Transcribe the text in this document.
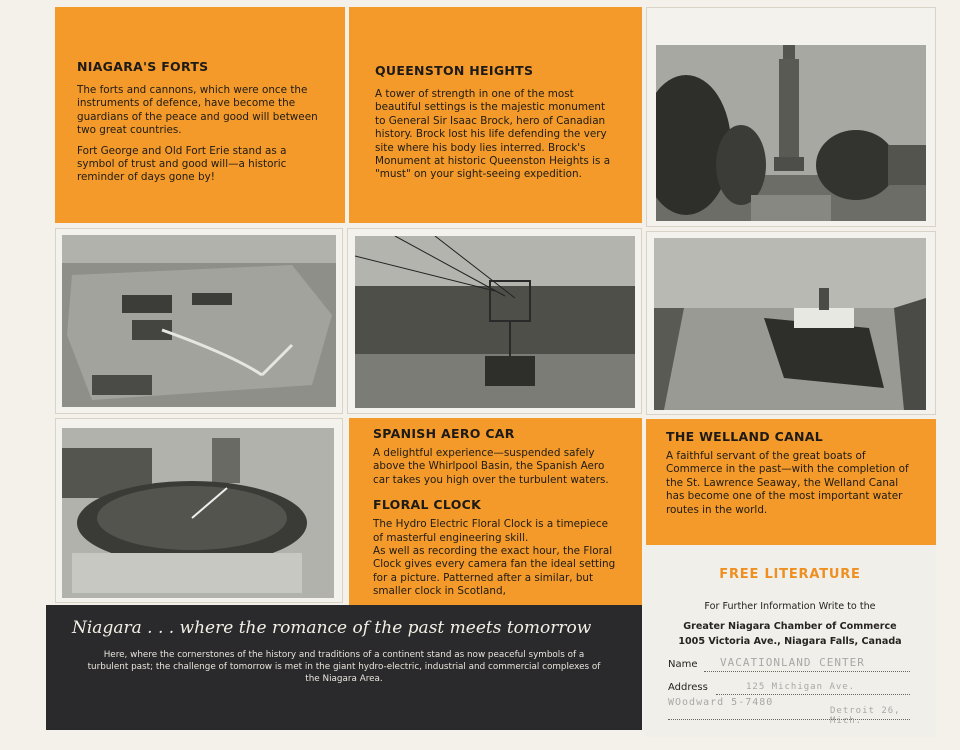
NIAGARA'S FORTS

The forts and cannons, which were once the instruments of defence, have become the guardians of the peace and good will between two great countries.

Fort George and Old Fort Erie stand as a symbol of trust and good will—a historic reminder of days gone by!

QUEENSTON HEIGHTS

A tower of strength in one of the most beautiful settings is the majestic monument to General Sir Isaac Brock, hero of Canadian history. Brock lost his life defending the very site where his body lies interred. Brock's Monument at historic Queenston Heights is a "must" on your sight-seeing expedition.

SPANISH AERO CAR

A delightful experience—suspended safely above the Whirlpool Basin, the Spanish Aero car takes you high over the turbulent waters.

FLORAL CLOCK

The Hydro Electric Floral Clock is a timepiece of masterful engineering skill.

As well as recording the exact hour, the Floral Clock gives every camera fan the ideal setting for a picture. Patterned after a similar, but smaller clock in Scotland,

THE WELLAND CANAL

A faithful servant of the great boats of Commerce in the past—with the completion of the St. Lawrence Seaway, the Welland Canal has become one of the most important water routes in the world.

Niagara . . . where the romance of the past meets tomorrow
Here, where the cornerstones of the history and traditions of a continent stand as now peaceful symbols of a turbulent past; the challenge of tomorrow is met in the giant hydro-electric, industrial and commercial complexes of the Niagara Area.
FREE LITERATURE
For Further Information Write to the
Greater Niagara Chamber of Commerce
1005 Victoria Ave., Niagara Falls, Canada
Name VACATIONLAND CENTER
Address	125 Michigan Ave.
WOodward 5-7480
Detroit 26, Mich.
